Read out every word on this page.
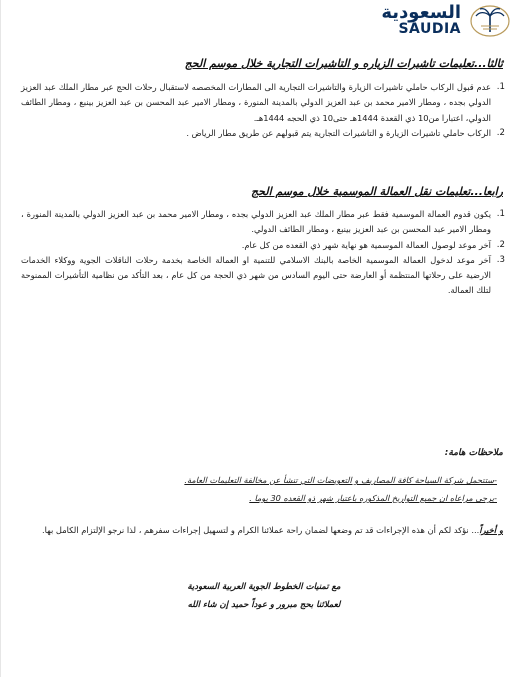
السعودية
SAUDIA
ثالثا...تعليمات تاشيرات الزياره و التاشيرات التجارية خلال موسم الحج
1.
عدم قبول الركاب حاملي تاشيرات الزيارة والتاشيرات التجارية الى المطارات المخصصه لاستقبال رحلات الحج عبر مطار الملك عبد العزيز الدولي بجده ، ومطار الامير محمد بن عبد العزيز الدولي بالمدينة المنورة ، ومطار الامير عبد المحسن بن عبد العزيز بينبع ، ومطار الطائف الدولي، اعتبارا من10 ذي القعدة 1444هـ حتى10 ذي الحجه 1444هـ.
2.
الركاب حاملي تاشيرات الزيارة و التاشيرات التجارية يتم قبولهم عن طريق مطار الرياض .
رابعا...تعليمات نقل العمالة الموسمية خلال موسم الحج
1.
يكون قدوم العمالة الموسمية فقط عبر مطار الملك عبد العزيز الدولي بجده ، ومطار الامير محمد بن عبد العزيز الدولي بالمدينة المنورة ، ومطار الامير عبد المحسن بن عبد العزيز بينبع ، ومطار الطائف الدولي.
2.
آخر موعد لوصول العمالة الموسمية هو نهاية شهر ذي القعده من كل عام.
3.
آخر موعد لدخول العمالة الموسمية الخاصة بالبنك الاسلامي للتنمية او العمالة الخاصة بخدمة رحلات الناقلات الجوية ووكلاء الخدمات الارضية على رحلاتها المنتظمة أو العارضة حتى اليوم السادس من شهر ذي الحجة من كل عام ، بعد التأكد من نظامية التأشيرات الممنوحة لتلك العمالة.
ملاحظات هامة:
-ستتحمل شركة السياحة كافة المصاريف و التعويضات التي تنشأ عن مخالفة التعليمات العامة.
-يرجى مراعاه ان جميع التواريخ المذكوره باعتبار شهر ذو القعده 30 يوما .
و أخيراً... نؤكد لكم أن هذه الإجراءات قد تم وضعها لضمان راحة عملائنا الكرام و لتسهيل إجراءات سفرهم ، لذا نرجو الإلتزام الكامل بها.
مع تمنيات الخطوط الجوية العربية السعودية
لعملائنا بحج مبرور و عوداً حميد إن شاء الله
